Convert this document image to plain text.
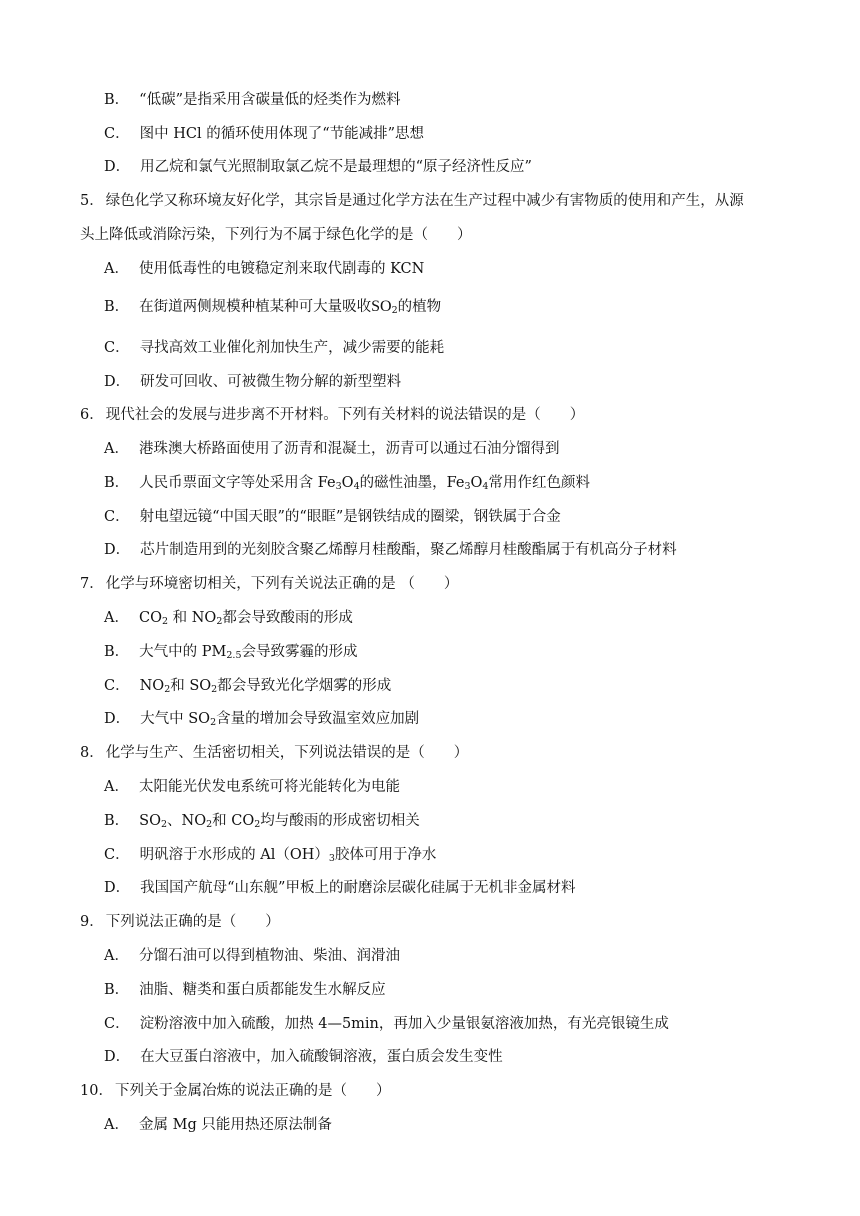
B． “低碳”是指采用含碳量低的烃类作为燃料
C． 图中 HCl 的循环使用体现了“节能减排”思想
D． 用乙烷和氯气光照制取氯乙烷不是最理想的“原子经济性反应”
5． 绿色化学又称环境友好化学，其宗旨是通过化学方法在生产过程中减少有害物质的使用和产生，从源
头上降低或消除污染，下列行为不属于绿色化学的是（　　）
A． 使用低毒性的电镀稳定剂来取代剧毒的 KCN
B． 在街道两侧规模种植某种可大量吸收$SO_2$的植物
C． 寻找高效工业催化剂加快生产，减少需要的能耗
D． 研发可回收、可被微生物分解的新型塑料
6． 现代社会的发展与进步离不开材料。下列有关材料的说法错误的是（　　）
A． 港珠澳大桥路面使用了沥青和混凝土，沥青可以通过石油分馏得到
B． 人民币票面文字等处采用含 $Fe_3O_4$的磁性油墨，$Fe_3O_4$常用作红色颜料
C． 射电望远镜“中国天眼”的“眼眶”是钢铁结成的圈梁，钢铁属于合金
D． 芯片制造用到的光刻胶含聚乙烯醇月桂酸酯，聚乙烯醇月桂酸酯属于有机高分子材料
7． 化学与环境密切相关，下列有关说法正确的是 （　　）
A． $CO_2$ 和 $NO_2$都会导致酸雨的形成
B． 大气中的 $PM_{2.5}$会导致雾霾的形成
C． $NO_2$和 $SO_2$都会导致光化学烟雾的形成
D． 大气中 $SO_2$含量的增加会导致温室效应加剧
8． 化学与生产、生活密切相关，下列说法错误的是（　　）
A． 太阳能光伏发电系统可将光能转化为电能
B． $SO_2$、$NO_2$和 $CO_2$均与酸雨的形成密切相关
C． 明矾溶于水形成的 $Al(OH)_3$胶体可用于净水
D． 我国国产航母“山东舰”甲板上的耐磨涂层碳化硅属于无机非金属材料
9． 下列说法正确的是（　　）
A． 分馏石油可以得到植物油、柴油、润滑油
B． 油脂、糖类和蛋白质都能发生水解反应
C． 淀粉溶液中加入硫酸，加热 4—5min，再加入少量银氨溶液加热，有光亮银镜生成
D． 在大豆蛋白溶液中，加入硫酸铜溶液，蛋白质会发生变性
10． 下列关于金属冶炼的说法正确的是（　　）
A． 金属 Mg 只能用热还原法制备
